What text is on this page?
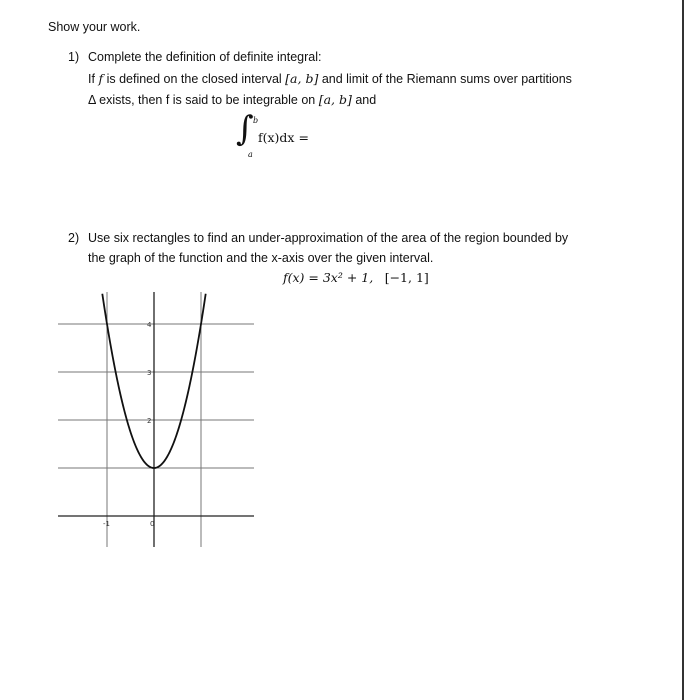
Show your work.
1) Complete the definition of definite integral:
If f is defined on the closed interval [a, b] and limit of the Riemann sums over partitions
Δ exists, then f is said to be integrable on [a, b] and
∫ b
a
f(x)dx =
2) Use six rectangles to find an under-approximation of the area of the region bounded by
the graph of the function and the x-axis over the given interval.
f(x) = 3x² + 1, [−1, 1]
2
3
4
-1	0
